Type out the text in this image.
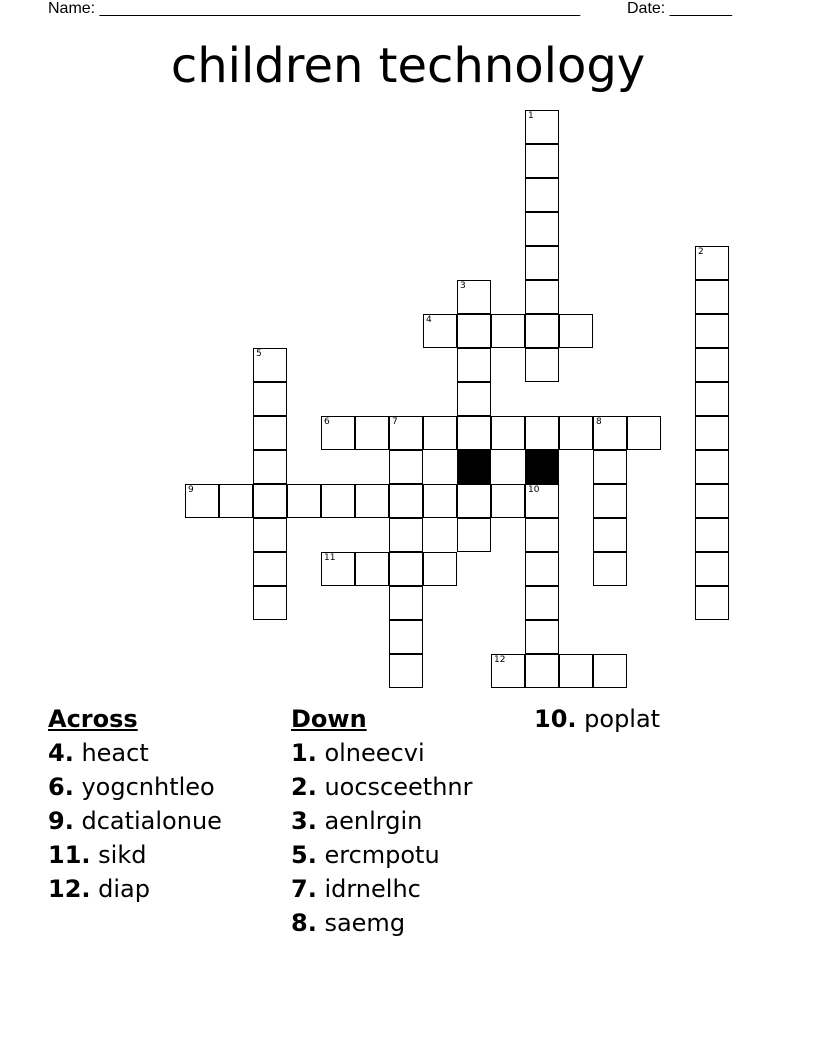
Name: ______________________________________________________	Date: _______
children technology
1
2
3
4
5
6	7	8
9	10
11
12
Across
4. heact
6. yogcnhtleo
9. dcatialonue
11. sikd
12. diap
Down
1. olneecvi
2. uocsceethnr
3. aenlrgin
5. ercmpotu
7. idrnelhc
8. saemg
10. poplat
